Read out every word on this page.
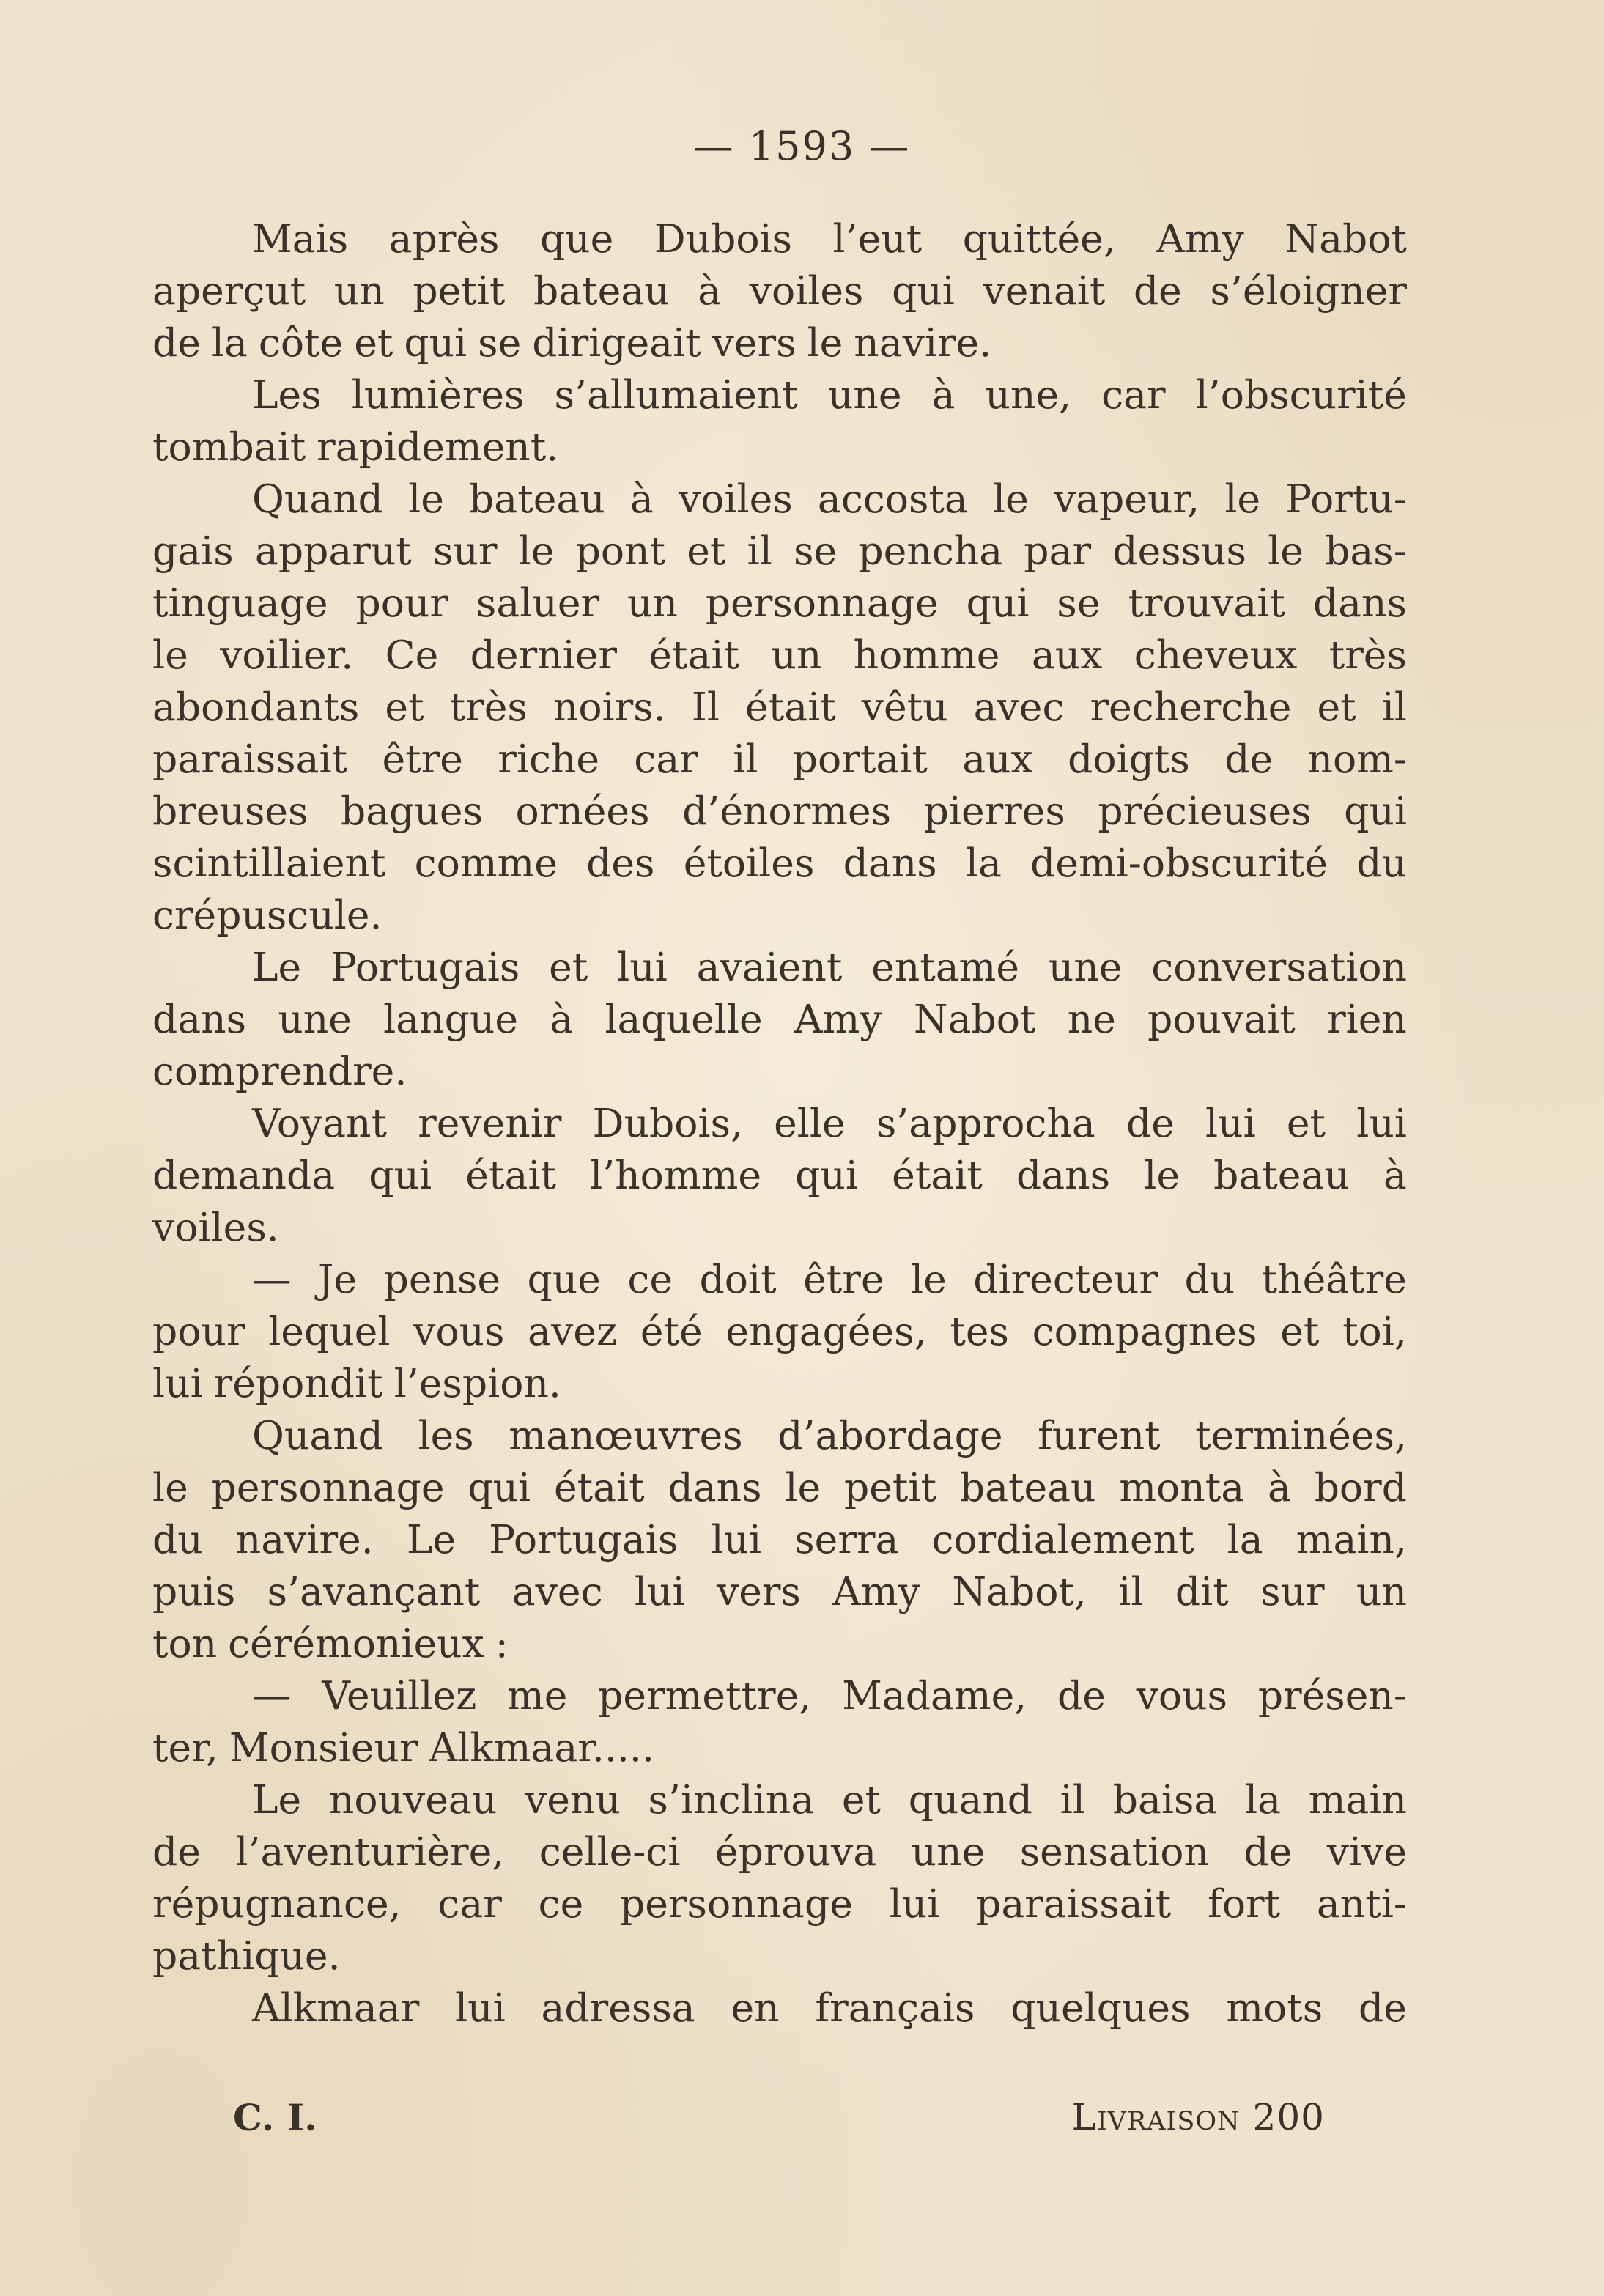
— 1593 —
Mais après que Dubois l’eut quittée, Amy Nabot
aperçut un petit bateau à voiles qui venait de s’éloigner
de la côte et qui se dirigeait vers le navire.
Les lumières s’allumaient une à une, car l’obscurité
tombait rapidement.
Quand le bateau à voiles accosta le vapeur, le Portu-
gais apparut sur le pont et il se pencha par dessus le bas-
tinguage pour saluer un personnage qui se trouvait dans
le voilier. Ce dernier était un homme aux cheveux très
abondants et très noirs. Il était vêtu avec recherche et il
paraissait être riche car il portait aux doigts de nom-
breuses bagues ornées d’énormes pierres précieuses qui
scintillaient comme des étoiles dans la demi-obscurité du
crépuscule.
Le Portugais et lui avaient entamé une conversation
dans une langue à laquelle Amy Nabot ne pouvait rien
comprendre.
Voyant revenir Dubois, elle s’approcha de lui et lui
demanda qui était l’homme qui était dans le bateau à
voiles.
— Je pense que ce doit être le directeur du théâtre
pour lequel vous avez été engagées, tes compagnes et toi,
lui répondit l’espion.
Quand les manœuvres d’abordage furent terminées,
le personnage qui était dans le petit bateau monta à bord
du navire. Le Portugais lui serra cordialement la main,
puis s’avançant avec lui vers Amy Nabot, il dit sur un
ton cérémonieux :
— Veuillez me permettre, Madame, de vous présen-
ter, Monsieur Alkmaar.....
Le nouveau venu s’inclina et quand il baisa la main
de l’aventurière, celle-ci éprouva une sensation de vive
répugnance, car ce personnage lui paraissait fort anti-
pathique.
Alkmaar lui adressa en français quelques mots de
C. I.	Livraison 200
